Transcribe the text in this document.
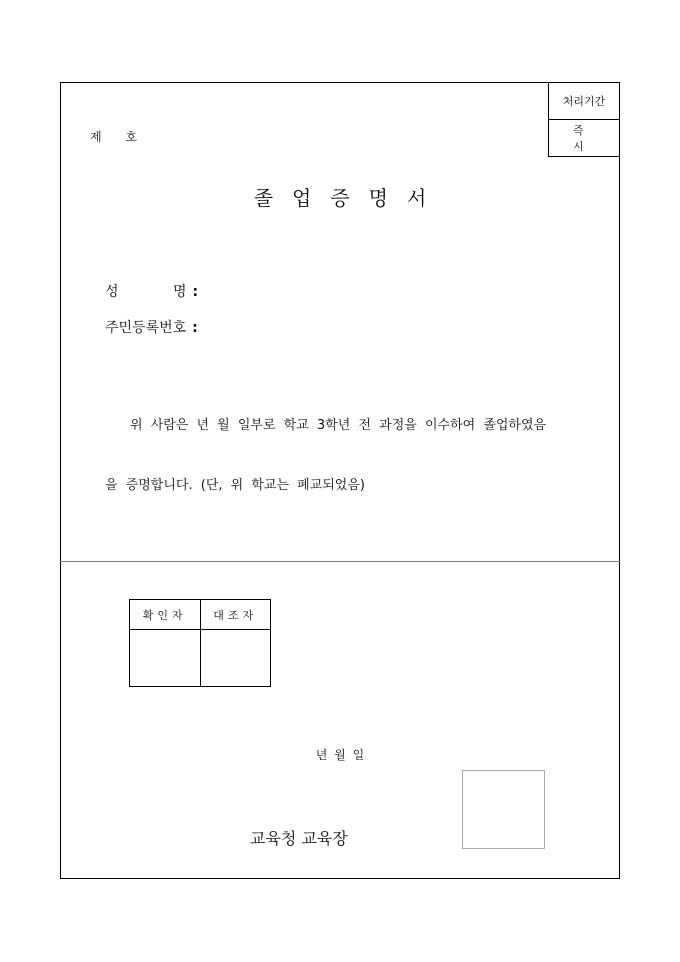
처리기간
즉 시
제 호
졸업증명서
성	명 :
주민등록번호 :
위 사람은 년 월 일부로 학교 3학년 전 과정을 이수하여 졸업하였음
을 증명합니다. (단, 위 학교는 폐교되었음)
확인자	대조자
년 월 일
교육청 교육장
